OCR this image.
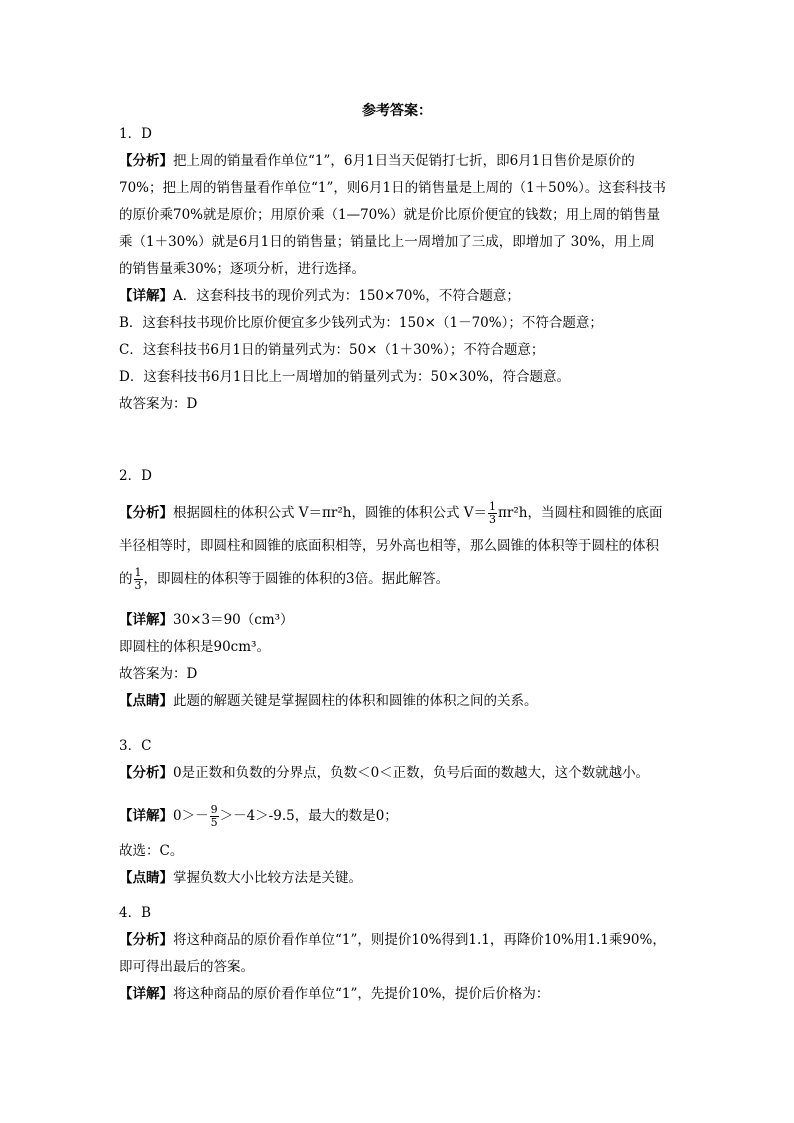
参考答案：
1．D
【分析】把上周的销量看作单位“1”，6月1日当天促销打七折，即6月1日售价是原价的
70%；把上周的销售量看作单位“1”，则6月1日的销售量是上周的（1＋50%）。这套科技书
的原价乘70%就是原价；用原价乘（1—70%）就是价比原价便宜的钱数；用上周的销售量
乘（1＋30%）就是6月1日的销售量；销量比上一周增加了三成，即增加了 30%，用上周
的销售量乘30%；逐项分析，进行选择。
【详解】A．这套科技书的现价列式为：150×70%，不符合题意；
B．这套科技书现价比原价便宜多少钱列式为：150×（1－70%）；不符合题意；
C．这套科技书6月1日的销量列式为：50×（1＋30%）；不符合题意；
D．这套科技书6月1日比上一周增加的销量列式为：50×30%，符合题意。
故答案为：D
2．D
【分析】根据圆柱的体积公式 V＝πr²h，圆锥的体积公式 $V= \frac{1}{3} \pi r^2h$，当圆柱和圆锥的底面
半径相等时，即圆柱和圆锥的底面积相等，另外高也相等，那么圆锥的体积等于圆柱的体积
的 $\frac{1}{3}$ ，即圆柱的体积等于圆锥的体积的3倍。据此解答。
【详解】30×3＝90（cm³）
即圆柱的体积是90cm³。
故答案为：D
【点睛】此题的解题关键是掌握圆柱的体积和圆锥的体积之间的关系。
3．C
【分析】0是正数和负数的分界点，负数＜0＜正数，负号后面的数越大，这个数就越小。
【详解】$0>- \frac{9}{5} >-4>-9.5$，最大的数是0；
故选：C。
【点睛】掌握负数大小比较方法是关键。
4．B
【分析】将这种商品的原价看作单位“1”，则提价10%得到1.1，再降价10%用1.1乘90%，
即可得出最后的答案。
【详解】将这种商品的原价看作单位“1”，先提价10%，提价后价格为：
